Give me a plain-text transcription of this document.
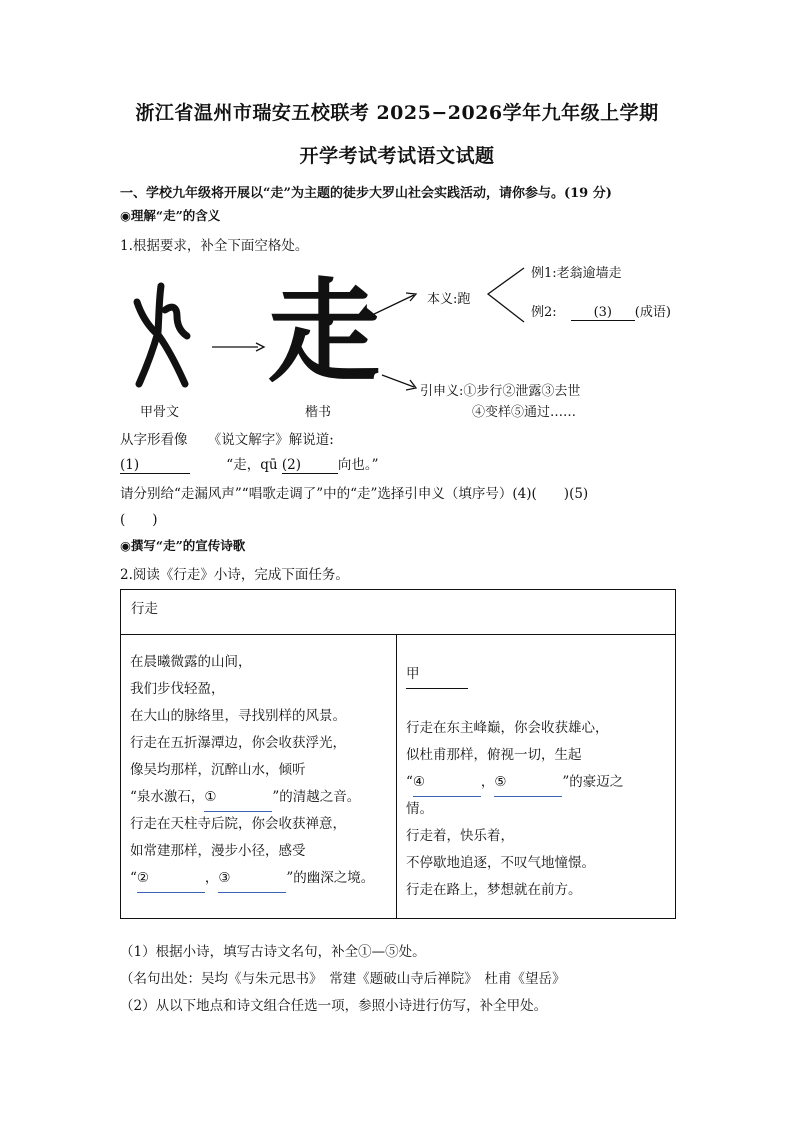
浙江省温州市瑞安五校联考 2025−2026学年九年级上学期
开学考试考试语文试题
一、学校九年级将开展以“走”为主题的徒步大罗山社会实践活动，请你参与。(19 分)
◉理解“走”的含义
1.根据要求，补全下面空格处。
甲骨文
走
楷书
本义:跑
例1:老翁逾墙走
例2:	(3) (成语)
引申义:①步行②泄露③去世
④变样⑤通过……
从字形看像　　《说文解字》解说道:
(1)	“走，qū (2)	向也。”
请分别给“走漏风声”“唱歌走调了”中的“走”选择引申义（填序号）(4)(　　)(5)
(　　)
◉撰写“走”的宣传诗歌
2.阅读《行走》小诗，完成下面任务。
行走

在晨曦微露的山间，
我们步伐轻盈，
在大山的脉络里，寻找别样的风景。
行走在五折瀑潭边，你会收获浮光，
像吴均那样，沉醉山水，倾听
“泉水激石，①	”的清越之音。
行走在天柱寺后院，你会收获禅意，
如常建那样，漫步小径，感受
“②	，③	”的幽深之境。

甲
行走在东主峰巅，你会收获雄心，
似杜甫那样，俯视一切，生起
“④	，⑤	”的豪迈之
情。
行走着，快乐着，
不停歇地追逐，不叹气地憧憬。
行走在路上，梦想就在前方。
（1）根据小诗，填写古诗文名句，补全①—⑤处。
（名句出处：吴均《与朱元思书》　常建《题破山寺后禅院》　杜甫《望岳》
（2）从以下地点和诗文组合任选一项，参照小诗进行仿写，补全甲处。
